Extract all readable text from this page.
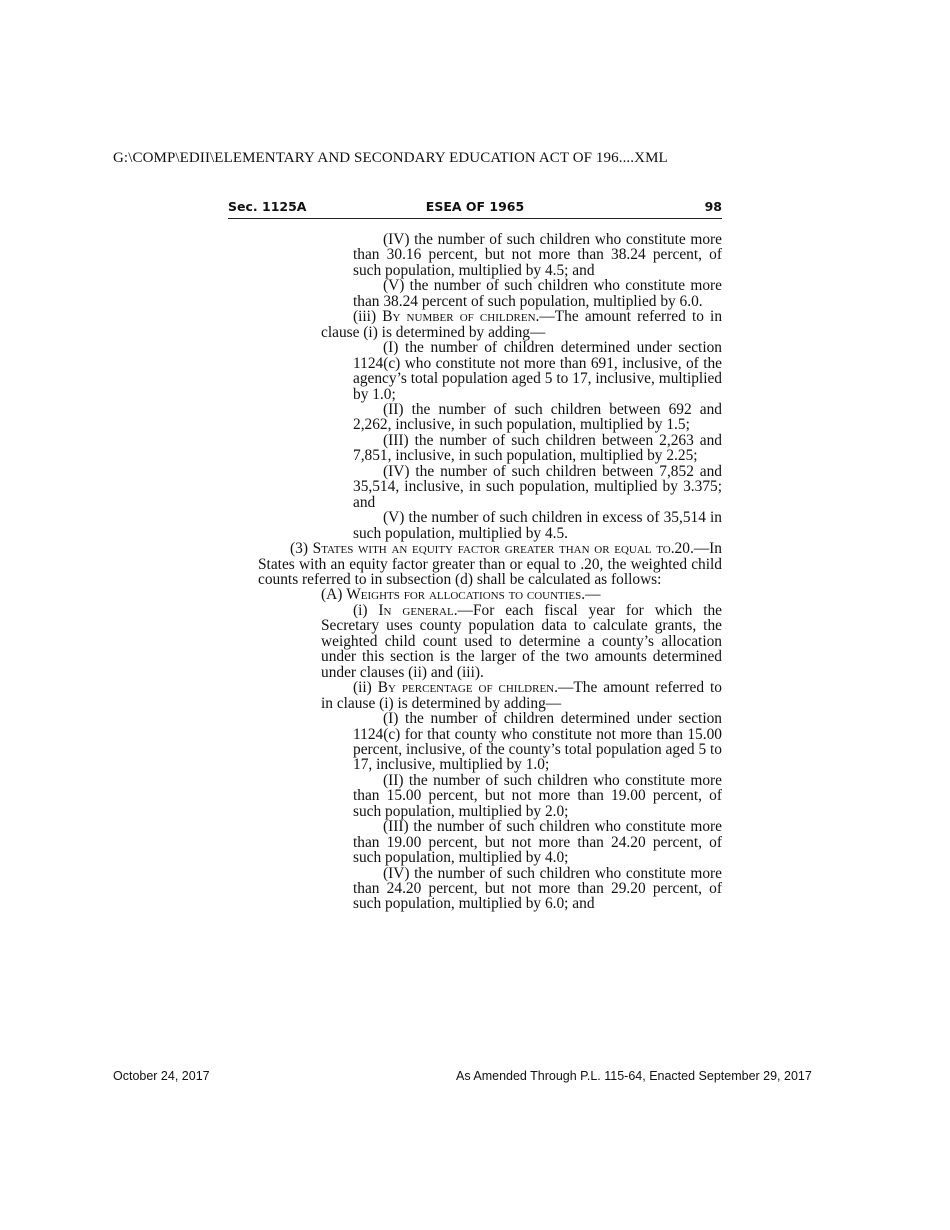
G:\COMP\EDII\ELEMENTARY AND SECONDARY EDUCATION ACT OF 196....XML
Sec. 1125A	ESEA OF 1965	98

(IV) the number of such children who constitute more than 30.16 percent, but not more than 38.24 percent, of such population, multiplied by 4.5; and

(V) the number of such children who constitute more than 38.24 percent of such population, multiplied by 6.0.

(iii) By number of children.—The amount referred to in clause (i) is determined by adding—

(I) the number of children determined under section 1124(c) who constitute not more than 691, inclusive, of the agency’s total population aged 5 to 17, inclusive, multiplied by 1.0;

(II) the number of such children between 692 and 2,262, inclusive, in such population, multiplied by 1.5;

(III) the number of such children between 2,263 and 7,851, inclusive, in such population, multiplied by 2.25;

(IV) the number of such children between 7,852 and 35,514, inclusive, in such population, multiplied by 3.375; and

(V) the number of such children in excess of 35,514 in such population, multiplied by 4.5.

(3) States with an equity factor greater than or equal to.20.—In States with an equity factor greater than or equal to .20, the weighted child counts referred to in subsection (d) shall be calculated as follows:

(A) Weights for allocations to counties.—

(i) In general.—For each fiscal year for which the Secretary uses county population data to calculate grants, the weighted child count used to determine a county’s allocation under this section is the larger of the two amounts determined under clauses (ii) and (iii).

(ii) By percentage of children.—The amount referred to in clause (i) is determined by adding—

(I) the number of children determined under section 1124(c) for that county who constitute not more than 15.00 percent, inclusive, of the county’s total population aged 5 to 17, inclusive, multiplied by 1.0;

(II) the number of such children who constitute more than 15.00 percent, but not more than 19.00 percent, of such population, multiplied by 2.0;

(III) the number of such children who constitute more than 19.00 percent, but not more than 24.20 percent, of such population, multiplied by 4.0;

(IV) the number of such children who constitute more than 24.20 percent, but not more than 29.20 percent, of such population, multiplied by 6.0; and

October 24, 2017	As Amended Through P.L. 115-64, Enacted September 29, 2017
